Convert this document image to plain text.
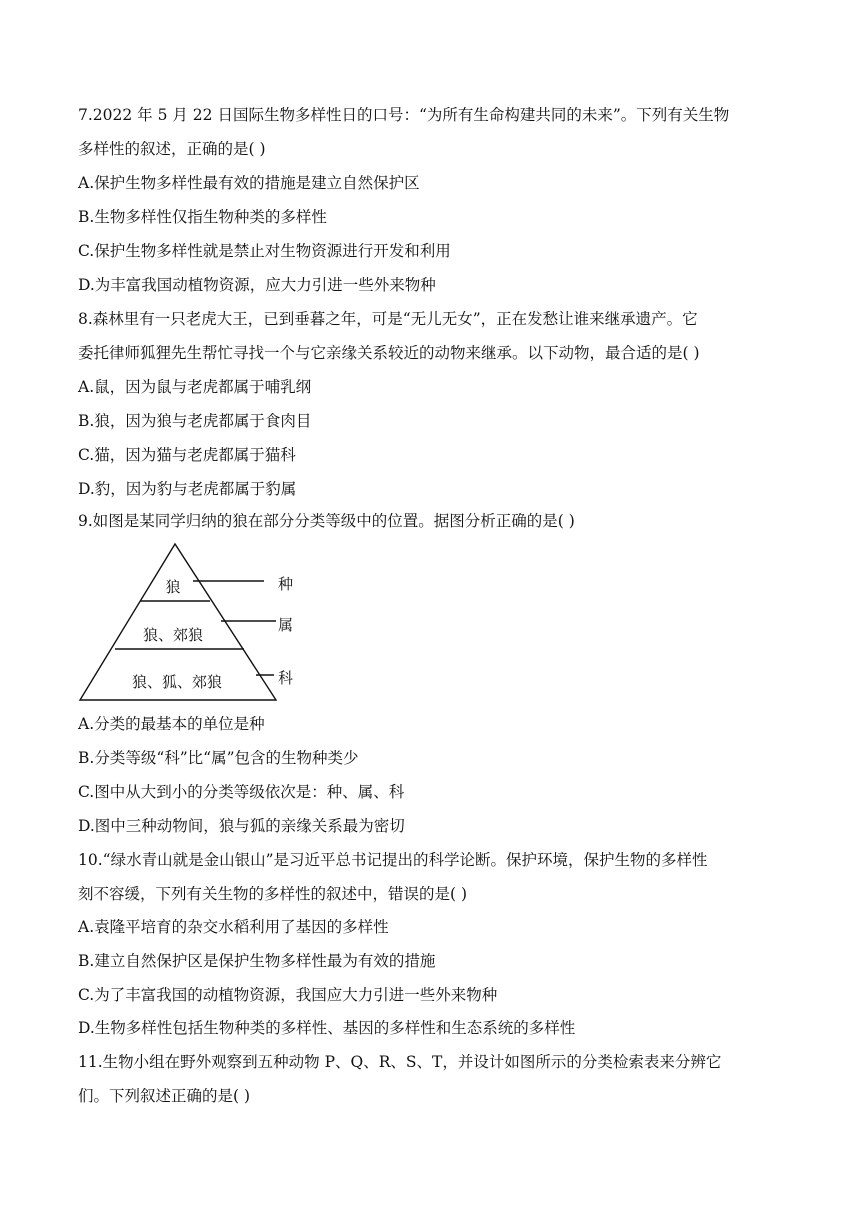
7.2022 年 5 月 22 日国际生物多样性日的口号：“为所有生命构建共同的未来”。下列有关生物
多样性的叙述，正确的是( )
A.保护生物多样性最有效的措施是建立自然保护区
B.生物多样性仅指生物种类的多样性
C.保护生物多样性就是禁止对生物资源进行开发和利用
D.为丰富我国动植物资源，应大力引进一些外来物种
8.森林里有一只老虎大王，已到垂暮之年，可是“无儿无女”，正在发愁让谁来继承遗产。它
委托律师狐狸先生帮忙寻找一个与它亲缘关系较近的动物来继承。以下动物，最合适的是( )
A.鼠，因为鼠与老虎都属于哺乳纲
B.狼，因为狼与老虎都属于食肉目
C.猫，因为猫与老虎都属于猫科
D.豹，因为豹与老虎都属于豹属
9.如图是某同学归纳的狼在部分分类等级中的位置。据图分析正确的是( )
狼
狼、郊狼
狼、狐、郊狼
种
属
科
A.分类的最基本的单位是种
B.分类等级“科”比“属”包含的生物种类少
C.图中从大到小的分类等级依次是：种、属、科
D.图中三种动物间，狼与狐的亲缘关系最为密切
10.“绿水青山就是金山银山”是习近平总书记提出的科学论断。保护环境，保护生物的多样性
刻不容缓，下列有关生物的多样性的叙述中，错误的是( )
A.袁隆平培育的杂交水稻利用了基因的多样性
B.建立自然保护区是保护生物多样性最为有效的措施
C.为了丰富我国的动植物资源，我国应大力引进一些外来物种
D.生物多样性包括生物种类的多样性、基因的多样性和生态系统的多样性
11.生物小组在野外观察到五种动物 P、Q、R、S、T，并设计如图所示的分类检索表来分辨它
们。下列叙述正确的是( )
